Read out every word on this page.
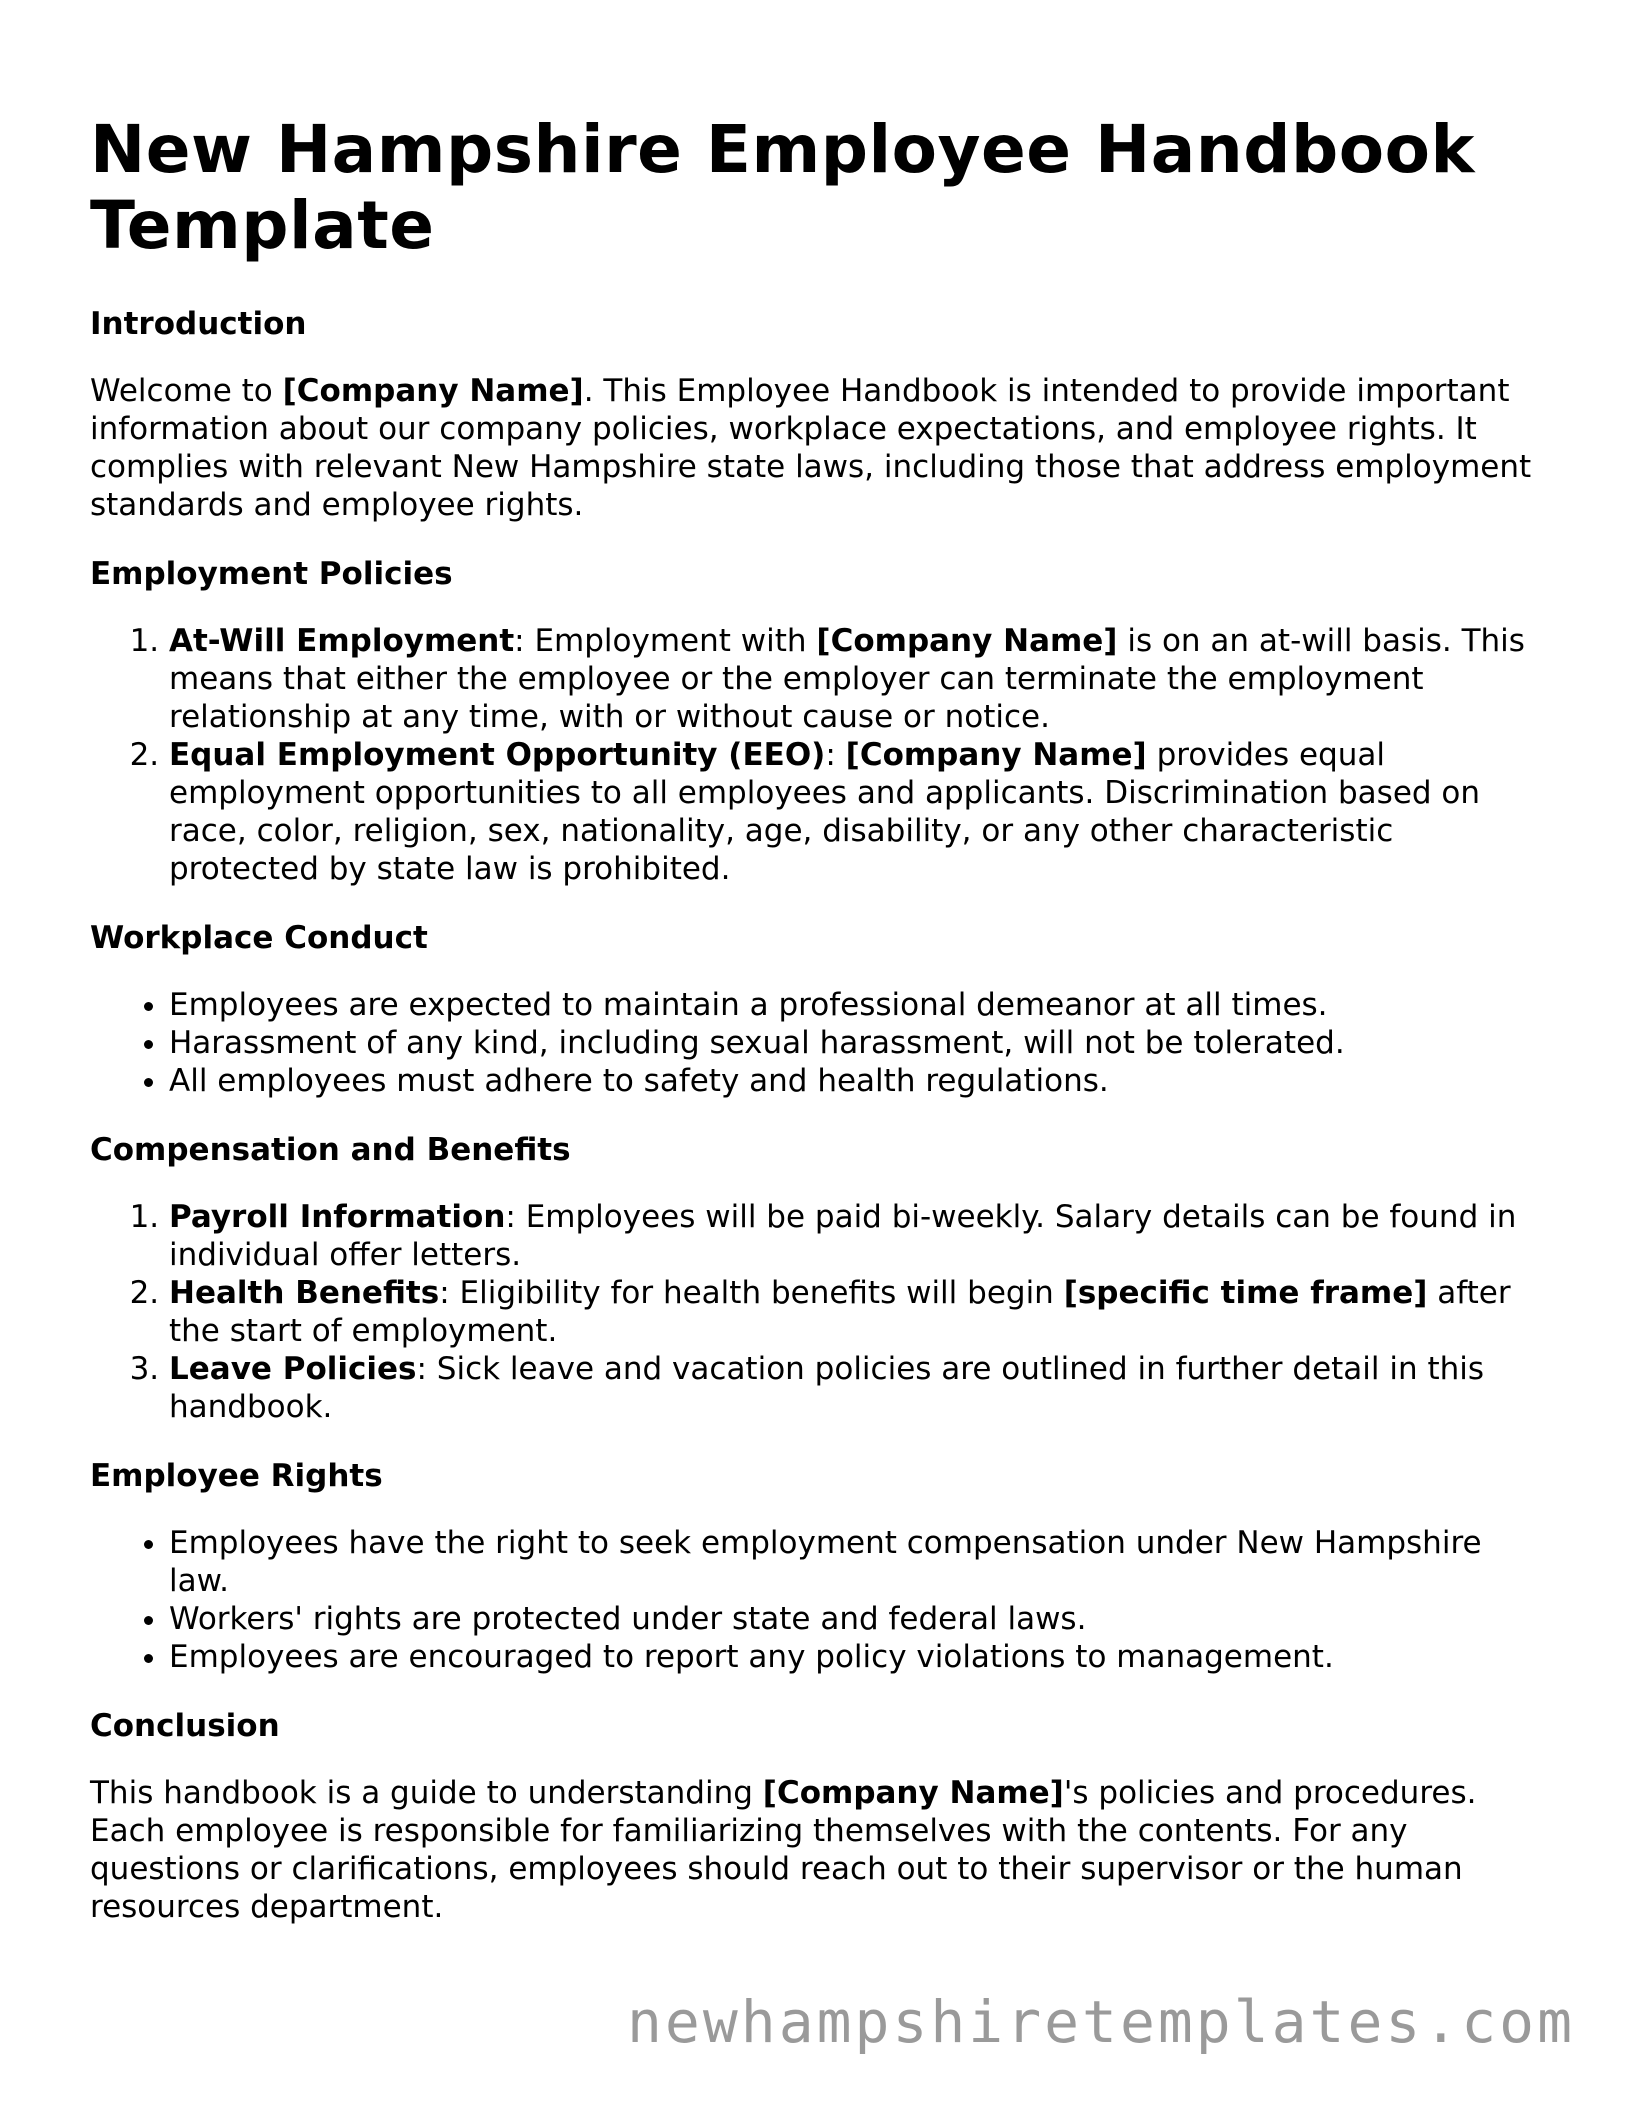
New Hampshire Employee Handbook Template
Introduction

Welcome to [Company Name]. This Employee Handbook is intended to provide important information about our company policies, workplace expectations, and employee rights. It complies with relevant New Hampshire state laws, including those that address employment standards and employee rights.

Employment Policies
1. At-Will Employment: Employment with [Company Name] is on an at-will basis. This means that either the employee or the employer can terminate the employment relationship at any time, with or without cause or notice.
2. Equal Employment Opportunity (EEO): [Company Name] provides equal employment opportunities to all employees and applicants. Discrimination based on race, color, religion, sex, nationality, age, disability, or any other characteristic protected by state law is prohibited.
Workplace Conduct
• Employees are expected to maintain a professional demeanor at all times.
• Harassment of any kind, including sexual harassment, will not be tolerated.
• All employees must adhere to safety and health regulations.
Compensation and Benefits
1. Payroll Information: Employees will be paid bi-weekly. Salary details can be found in individual offer letters.
2. Health Benefits: Eligibility for health benefits will begin [specific time frame] after the start of employment.
3. Leave Policies: Sick leave and vacation policies are outlined in further detail in this handbook.
Employee Rights
• Employees have the right to seek employment compensation under New Hampshire law.
• Workers' rights are protected under state and federal laws.
• Employees are encouraged to report any policy violations to management.
Conclusion

This handbook is a guide to understanding [Company Name]'s policies and procedures. Each employee is responsible for familiarizing themselves with the contents. For any questions or clarifications, employees should reach out to their supervisor or the human resources department.

newhampshiretemplates.com
